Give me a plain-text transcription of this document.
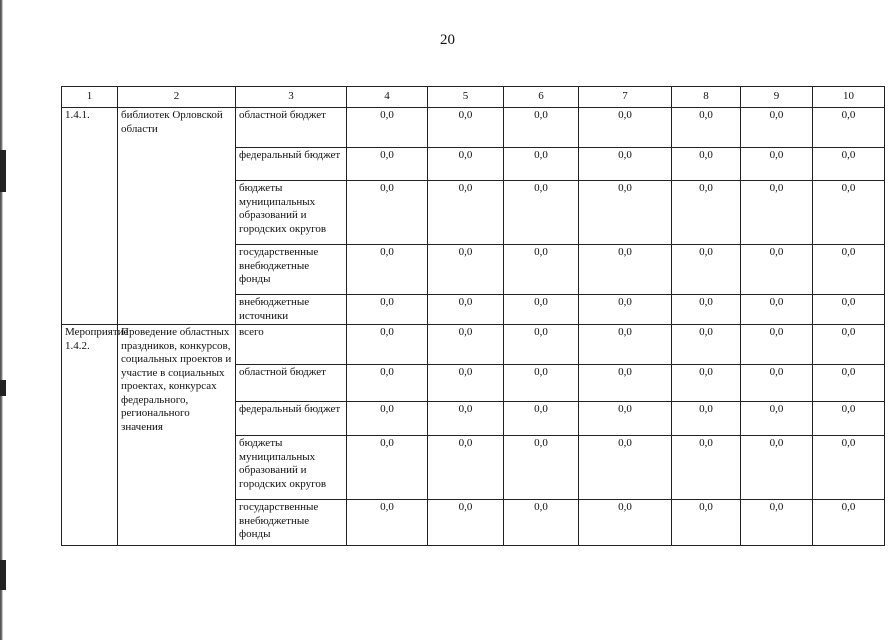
20
1	2	3	4	5	6	7	8	9	10
1.4.1.	библиотек Орловской области	областной бюджет	0,0	0,0	0,0	0,0	0,0	0,0	0,0
		федеральный бюджет	0,0	0,0	0,0	0,0	0,0	0,0	0,0
		бюджеты муниципальных образований и городских округов	0,0	0,0	0,0	0,0	0,0	0,0	0,0
		государственные внебюджетные фонды	0,0	0,0	0,0	0,0	0,0	0,0	0,0
		внебюджетные источники	0,0	0,0	0,0	0,0	0,0	0,0	0,0
Мероприятие 1.4.2.	Проведение областных праздников, конкурсов, социальных проектов и участие в социальных проектах, конкурсах федерального, регионального значения	всего	0,0	0,0	0,0	0,0	0,0	0,0	0,0
		областной бюджет	0,0	0,0	0,0	0,0	0,0	0,0	0,0
		федеральный бюджет	0,0	0,0	0,0	0,0	0,0	0,0	0,0
		бюджеты муниципальных образований и городских округов	0,0	0,0	0,0	0,0	0,0	0,0	0,0
		государственные внебюджетные фонды	0,0	0,0	0,0	0,0	0,0	0,0	0,0
